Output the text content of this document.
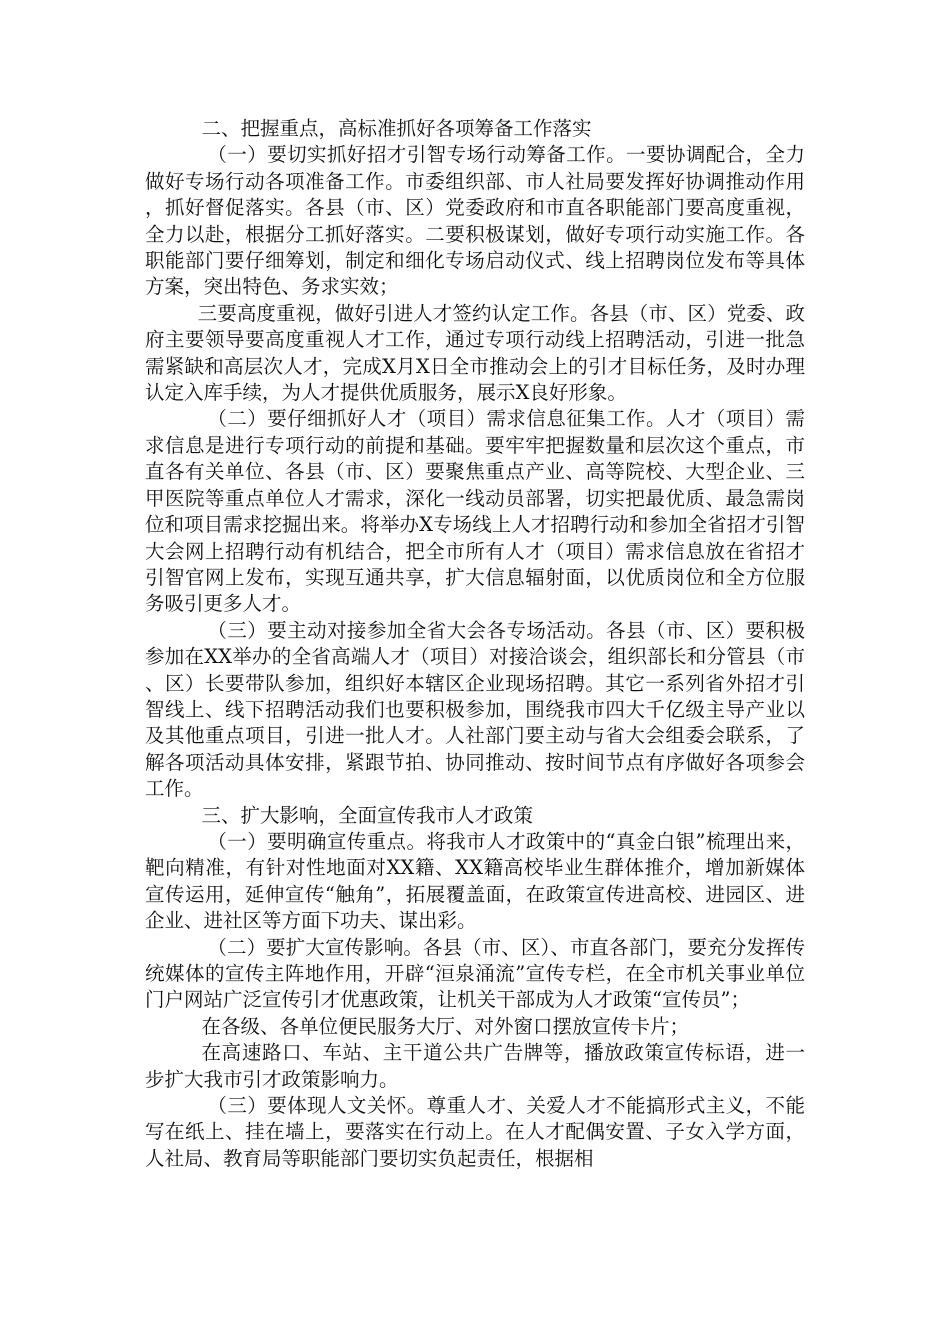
二、把握重点，高标准抓好各项筹备工作落实

（一）要切实抓好招才引智专场行动筹备工作。一要协调配合，全力做好专场行动各项准备工作。市委组织部、市人社局要发挥好协调推动作用，抓好督促落实。各县（市、区）党委政府和市直各职能部门要高度重视，全力以赴，根据分工抓好落实。二要积极谋划，做好专项行动实施工作。各职能部门要仔细筹划，制定和细化专场启动仪式、线上招聘岗位发布等具体方案，突出特色、务求实效；

三要高度重视，做好引进人才签约认定工作。各县（市、区）党委、政府主要领导要高度重视人才工作，通过专项行动线上招聘活动，引进一批急需紧缺和高层次人才，完成X月X日全市推动会上的引才目标任务，及时办理认定入库手续，为人才提供优质服务，展示X良好形象。

（二）要仔细抓好人才（项目）需求信息征集工作。人才（项目）需求信息是进行专项行动的前提和基础。要牢牢把握数量和层次这个重点，市直各有关单位、各县（市、区）要聚焦重点产业、高等院校、大型企业、三甲医院等重点单位人才需求，深化一线动员部署，切实把最优质、最急需岗位和项目需求挖掘出来。将举办X专场线上人才招聘行动和参加全省招才引智大会网上招聘行动有机结合，把全市所有人才（项目）需求信息放在省招才引智官网上发布，实现互通共享，扩大信息辐射面，以优质岗位和全方位服务吸引更多人才。

（三）要主动对接参加全省大会各专场活动。各县（市、区）要积极参加在XX举办的全省高端人才（项目）对接洽谈会，组织部长和分管县（市、区）长要带队参加，组织好本辖区企业现场招聘。其它一系列省外招才引智线上、线下招聘活动我们也要积极参加，围绕我市四大千亿级主导产业以及其他重点项目，引进一批人才。人社部门要主动与省大会组委会联系，了解各项活动具体安排，紧跟节拍、协同推动、按时间节点有序做好各项参会工作。

三、扩大影响，全面宣传我市人才政策

（一）要明确宣传重点。将我市人才政策中的“真金白银”梳理出来，靶向精准，有针对性地面对XX籍、XX籍高校毕业生群体推介，增加新媒体宣传运用，延伸宣传“触角”，拓展覆盖面，在政策宣传进高校、进园区、进企业、进社区等方面下功夫、谋出彩。

（二）要扩大宣传影响。各县（市、区）、市直各部门，要充分发挥传统媒体的宣传主阵地作用，开辟“洹泉涌流”宣传专栏，在全市机关事业单位门户网站广泛宣传引才优惠政策，让机关干部成为人才政策“宣传员”；

在各级、各单位便民服务大厅、对外窗口摆放宣传卡片；

在高速路口、车站、主干道公共广告牌等，播放政策宣传标语，进一步扩大我市引才政策影响力。

（三）要体现人文关怀。尊重人才、关爱人才不能搞形式主义，不能写在纸上、挂在墙上，要落实在行动上。在人才配偶安置、子女入学方面，人社局、教育局等职能部门要切实负起责任，根据相
